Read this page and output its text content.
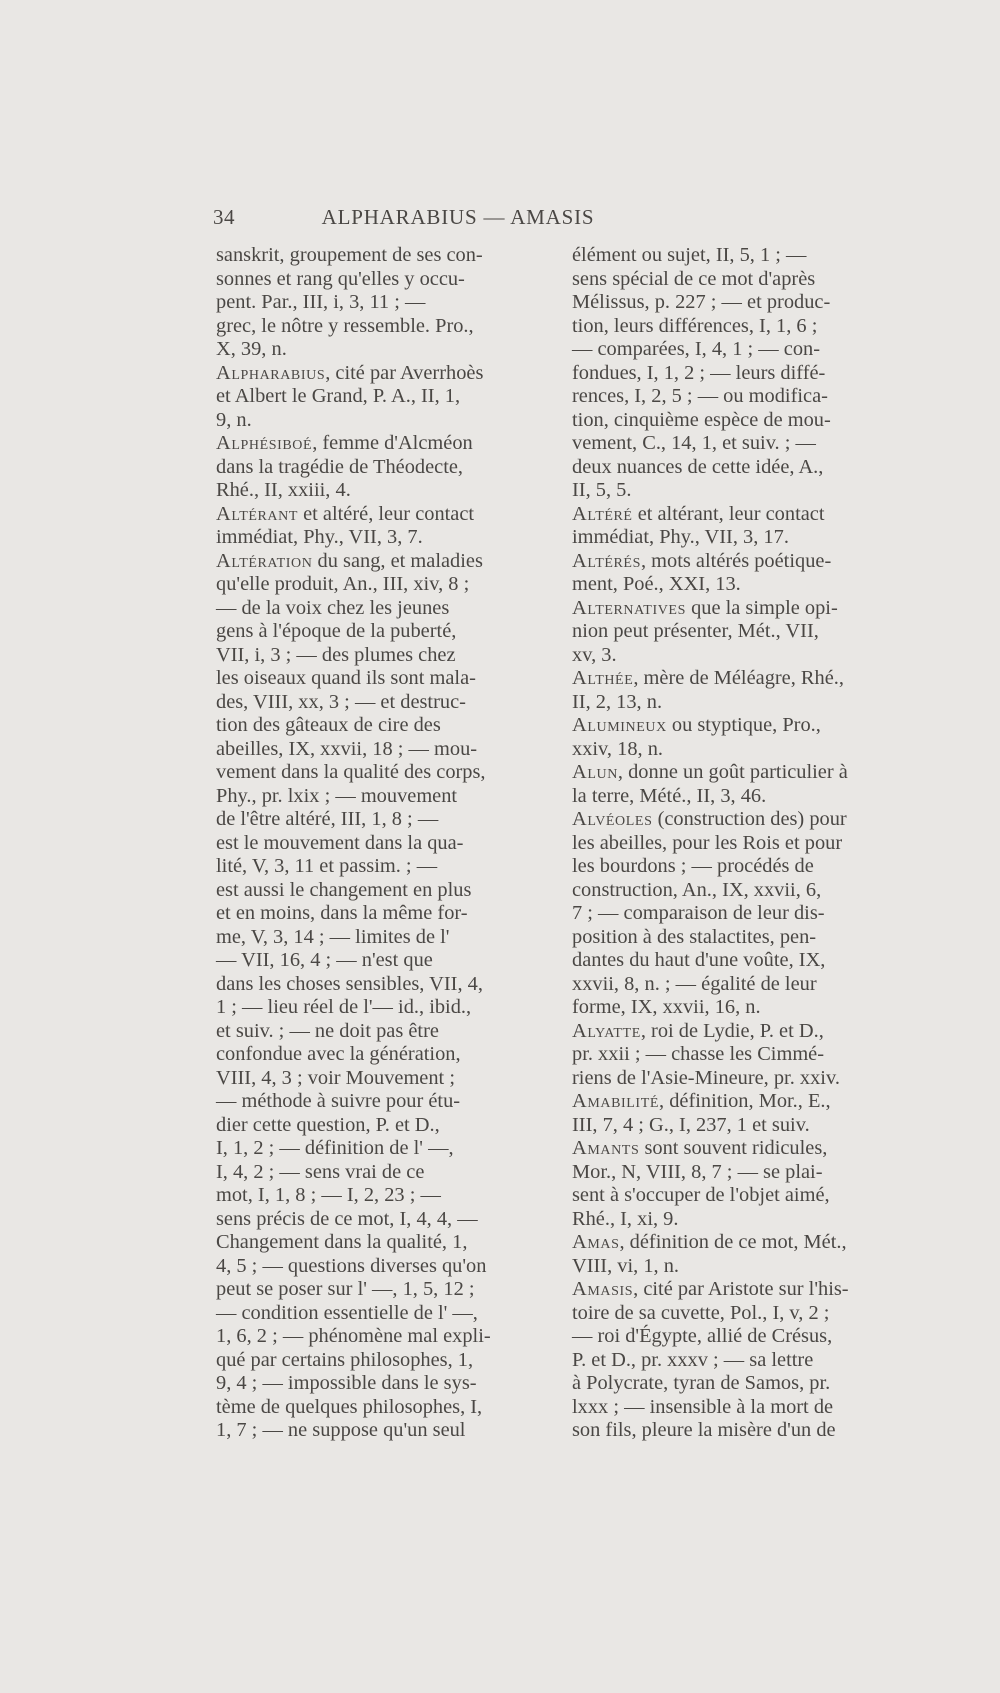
34	ALPHARABIUS — AMASIS
sanskrit, groupement de ses con-
sonnes et rang qu'elles y occu-
pent. Par., III, i, 3, 11 ; —
grec, le nôtre y ressemble. Pro.,
X, 39, n.
Alpharabius, cité par Averrhoès
et Albert le Grand, P. A., II, 1,
9, n.
Alphésiboé, femme d'Alcméon
dans la tragédie de Théodecte,
Rhé., II, xxiii, 4.
Altérant et altéré, leur contact
immédiat, Phy., VII, 3, 7.
Altération du sang, et maladies
qu'elle produit, An., III, xiv, 8 ;
— de la voix chez les jeunes
gens à l'époque de la puberté,
VII, i, 3 ; — des plumes chez
les oiseaux quand ils sont mala-
des, VIII, xx, 3 ; — et destruc-
tion des gâteaux de cire des
abeilles, IX, xxvii, 18 ; — mou-
vement dans la qualité des corps,
Phy., pr. lxix ; — mouvement
de l'être altéré, III, 1, 8 ; —
est le mouvement dans la qua-
lité, V, 3, 11 et passim. ; —
est aussi le changement en plus
et en moins, dans la même for-
me, V, 3, 14 ; — limites de l'
— VII, 16, 4 ; — n'est que
dans les choses sensibles, VII, 4,
1 ; — lieu réel de l'— id., ibid.,
et suiv. ; — ne doit pas être
confondue avec la génération,
VIII, 4, 3 ; voir Mouvement ;
— méthode à suivre pour étu-
dier cette question, P. et D.,
I, 1, 2 ; — définition de l' —,
I, 4, 2 ; — sens vrai de ce
mot, I, 1, 8 ; — I, 2, 23 ; —
sens précis de ce mot, I, 4, 4, —
Changement dans la qualité, 1,
4, 5 ; — questions diverses qu'on
peut se poser sur l' —, 1, 5, 12 ;
— condition essentielle de l' —,
1, 6, 2 ; — phénomène mal expli-
qué par certains philosophes, 1,
9, 4 ; — impossible dans le sys-
tème de quelques philosophes, I,
1, 7 ; — ne suppose qu'un seul
élément ou sujet, II, 5, 1 ; —
sens spécial de ce mot d'après
Mélissus, p. 227 ; — et produc-
tion, leurs différences, I, 1, 6 ;
— comparées, I, 4, 1 ; — con-
fondues, I, 1, 2 ; — leurs diffé-
rences, I, 2, 5 ; — ou modifica-
tion, cinquième espèce de mou-
vement, C., 14, 1, et suiv. ; —
deux nuances de cette idée, A.,
II, 5, 5.
Altéré et altérant, leur contact
immédiat, Phy., VII, 3, 17.
Altérés, mots altérés poétique-
ment, Poé., XXI, 13.
Alternatives que la simple opi-
nion peut présenter, Mét., VII,
xv, 3.
Althée, mère de Méléagre, Rhé.,
II, 2, 13, n.
Alumineux ou styptique, Pro.,
xxiv, 18, n.
Alun, donne un goût particulier à
la terre, Mété., II, 3, 46.
Alvéoles (construction des) pour
les abeilles, pour les Rois et pour
les bourdons ; — procédés de
construction, An., IX, xxvii, 6,
7 ; — comparaison de leur dis-
position à des stalactites, pen-
dantes du haut d'une voûte, IX,
xxvii, 8, n. ; — égalité de leur
forme, IX, xxvii, 16, n.
Alyatte, roi de Lydie, P. et D.,
pr. xxii ; — chasse les Cimmé-
riens de l'Asie-Mineure, pr. xxiv.
Amabilité, définition, Mor., E.,
III, 7, 4 ; G., I, 237, 1 et suiv.
Amants sont souvent ridicules,
Mor., N, VIII, 8, 7 ; — se plai-
sent à s'occuper de l'objet aimé,
Rhé., I, xi, 9.
Amas, définition de ce mot, Mét.,
VIII, vi, 1, n.
Amasis, cité par Aristote sur l'his-
toire de sa cuvette, Pol., I, v, 2 ;
— roi d'Égypte, allié de Crésus,
P. et D., pr. xxxv ; — sa lettre
à Polycrate, tyran de Samos, pr.
lxxx ; — insensible à la mort de
son fils, pleure la misère d'un de
